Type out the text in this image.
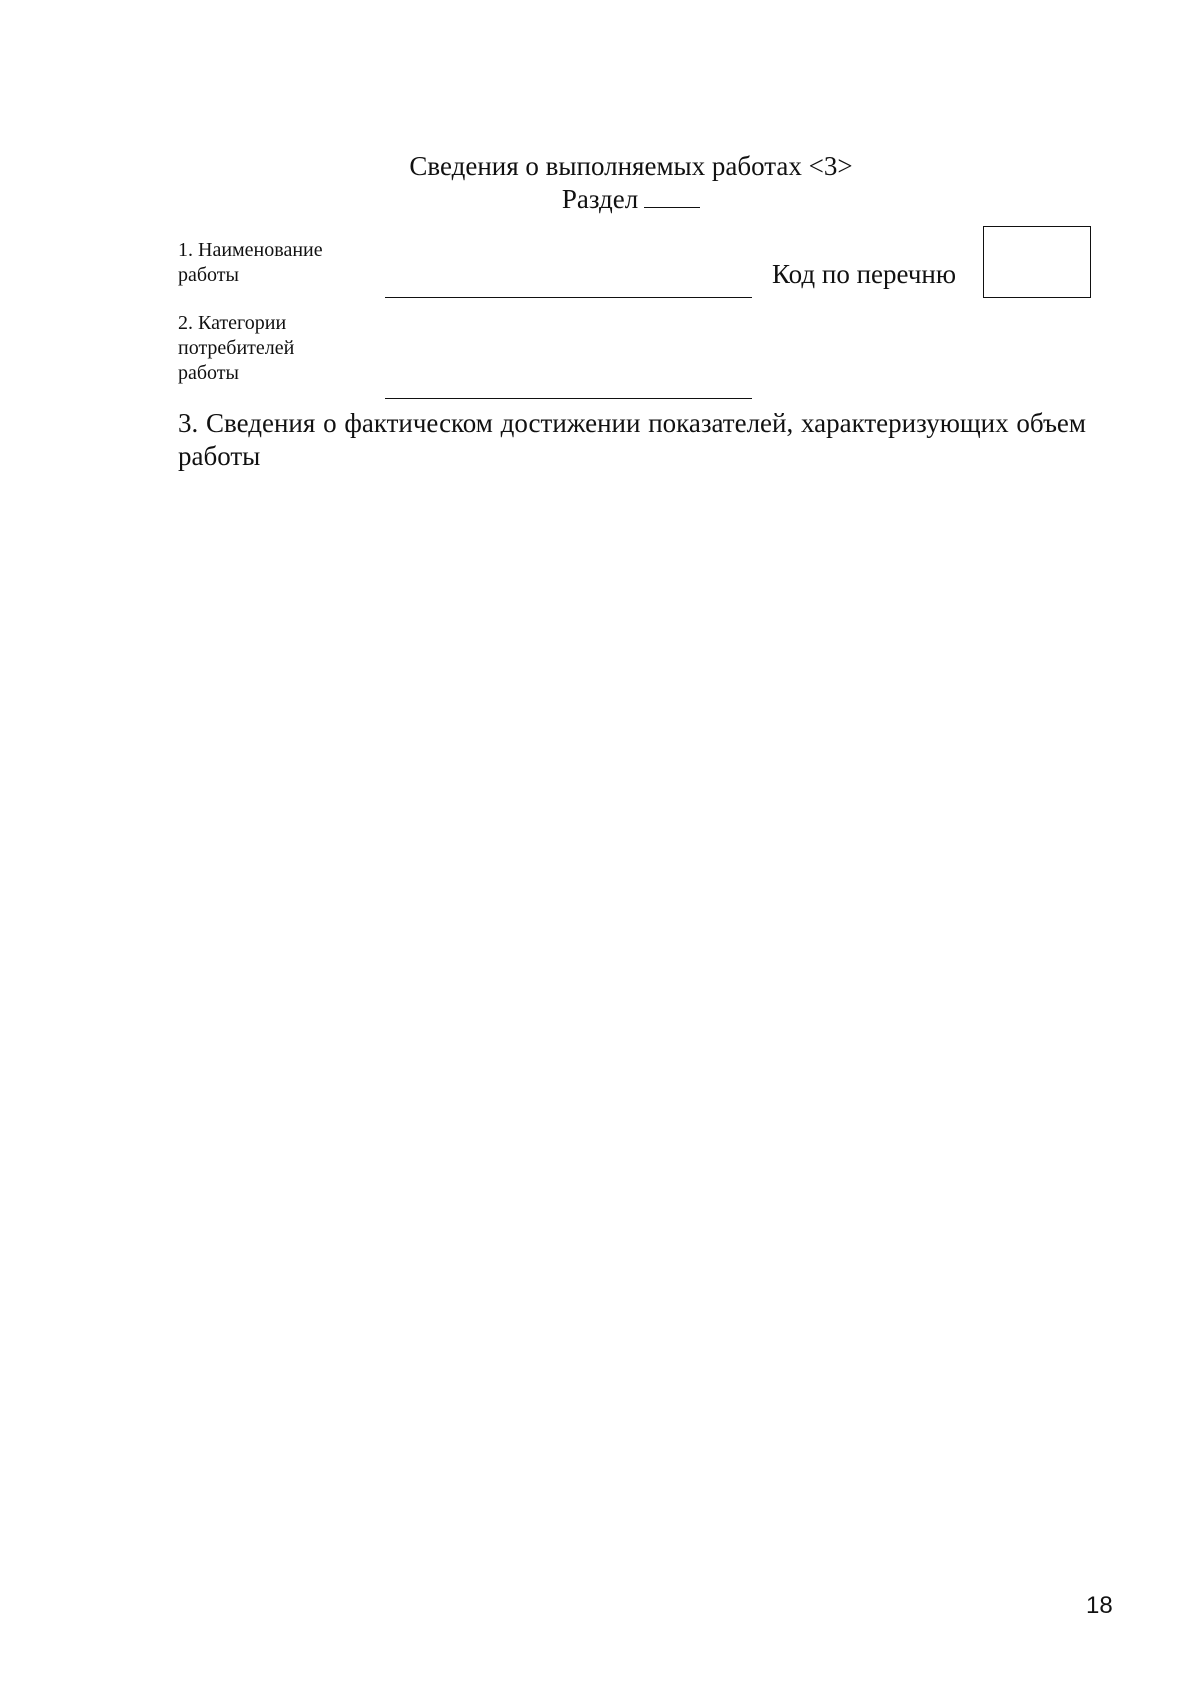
Сведения о выполняемых работах <3>
Раздел
1. Наименование
работы	Код по перечню
2. Категории
потребителей
работы
3. Сведения о фактическом достижении показателей, характеризующих объем работы
18
